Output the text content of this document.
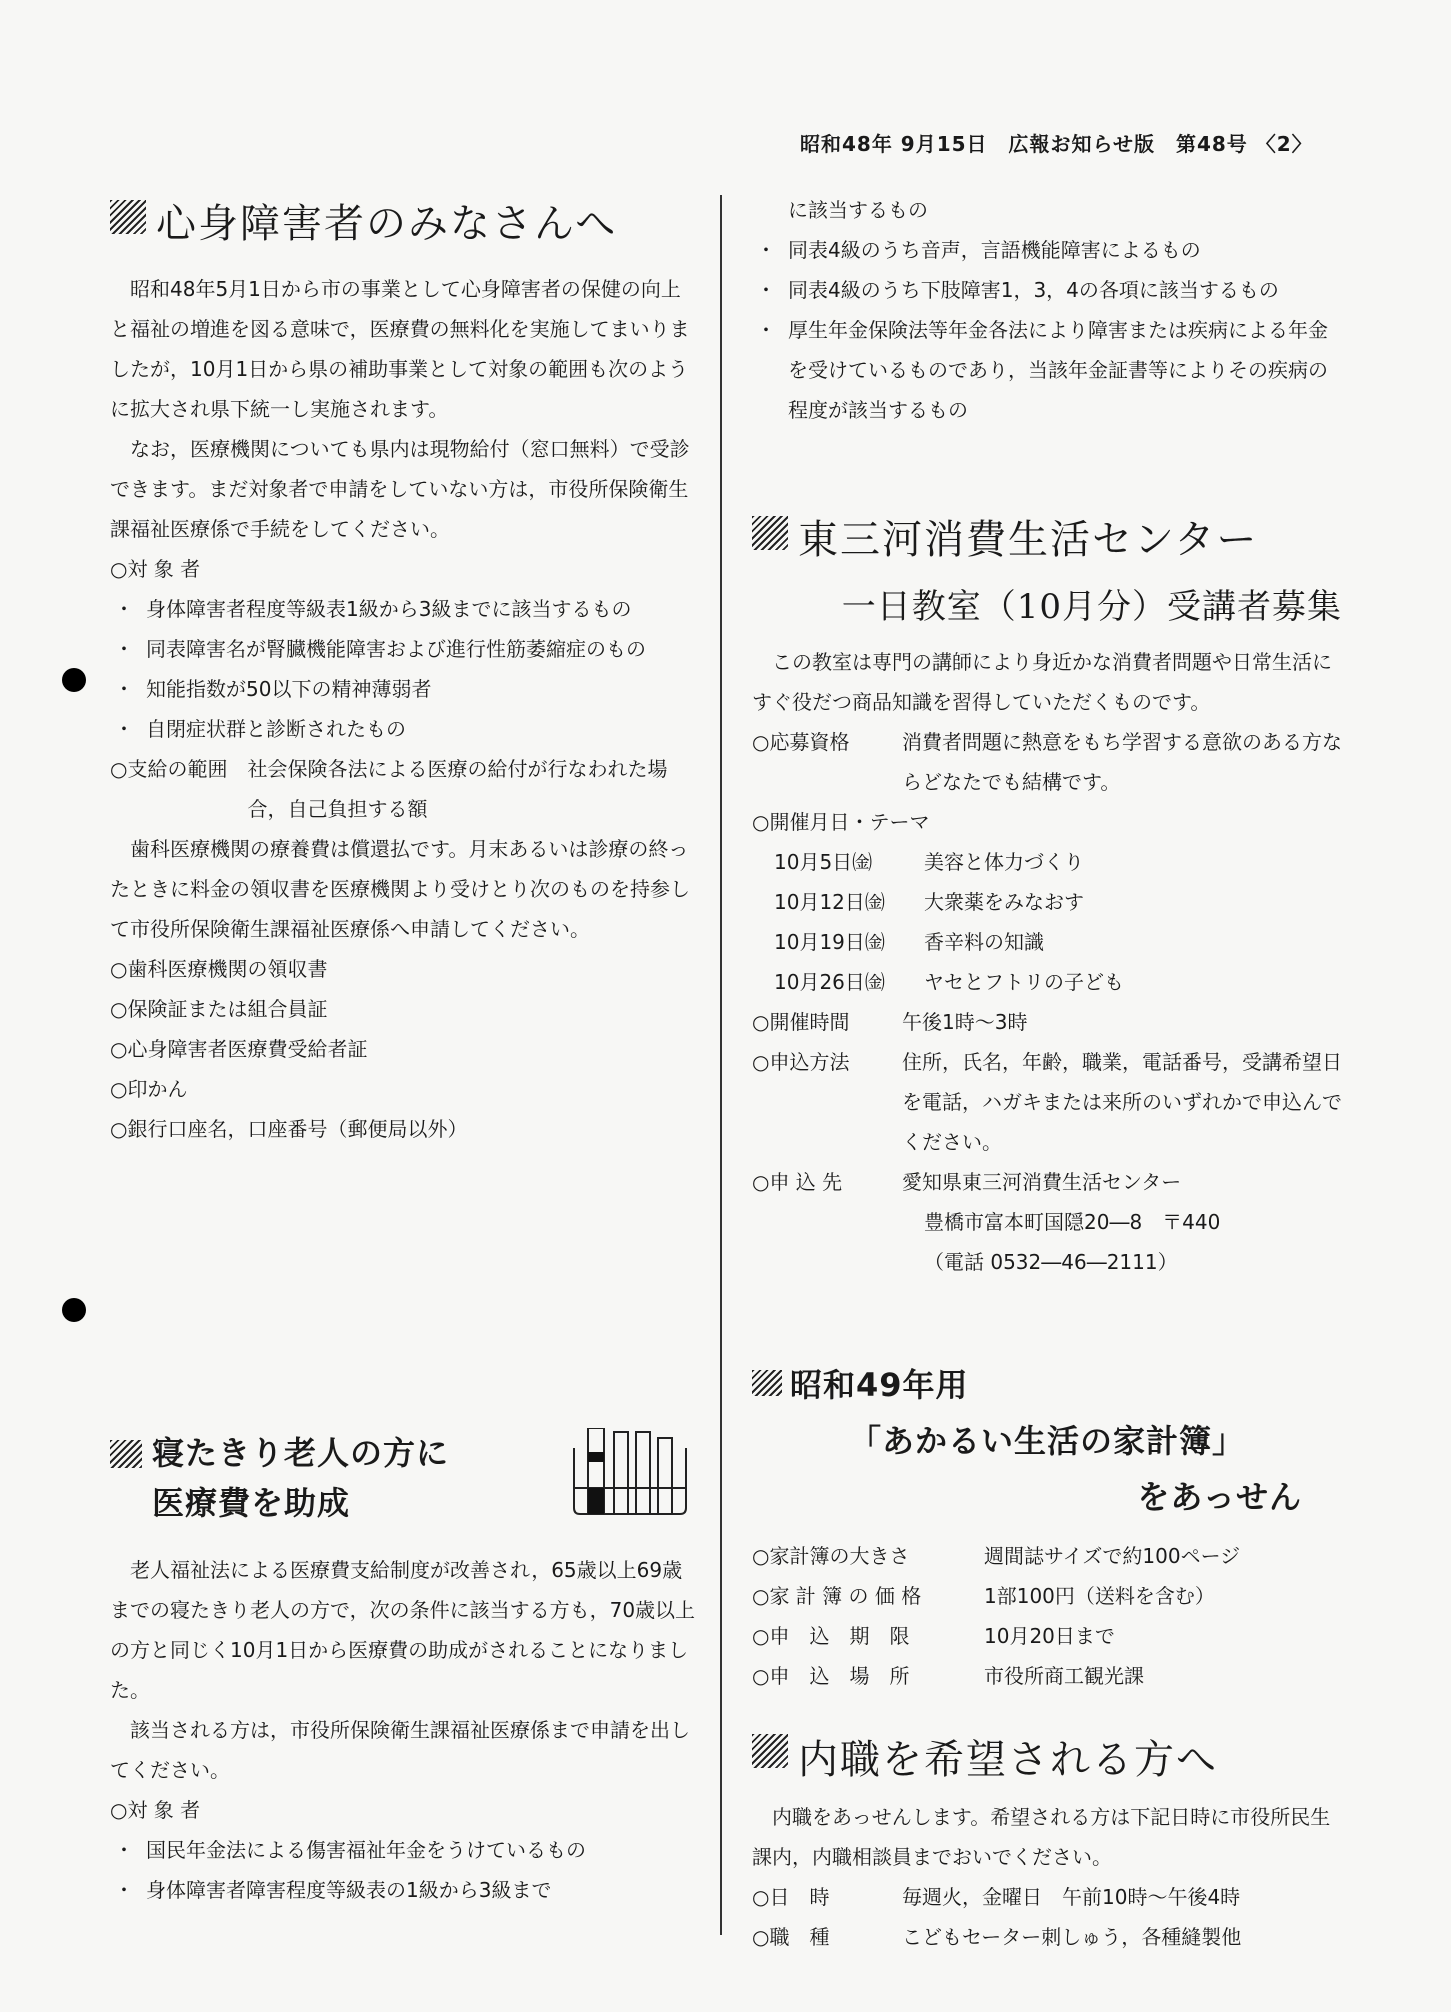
昭和48年 9月15日　広報お知らせ版　第48号 〈2〉
心身障害者のみなさんへ

昭和48年5月1日から市の事業として心身障害者の保健の向上と福祉の増進を図る意味で，医療費の無料化を実施してまいりましたが，10月1日から県の補助事業として対象の範囲も次のように拡大され県下統一し実施されます。

なお，医療機関についても県内は現物給付（窓口無料）で受診できます。まだ対象者で申請をしていない方は，市役所保険衛生課福祉医療係で手続をしてください。

○対 象 者

・ 身体障害者程度等級表1級から3級までに該当するもの

・ 同表障害名が腎臓機能障害および進行性筋萎縮症のもの

・ 知能指数が50以下の精神薄弱者

・ 自閉症状群と診断されたもの

○支給の範囲 社会保険各法による医療の給付が行なわれた場合，自己負担する額

歯科医療機関の療養費は償還払です。月末あるいは診療の終ったときに料金の領収書を医療機関より受けとり次のものを持参して市役所保険衛生課福祉医療係へ申請してください。

○歯科医療機関の領収書

○保険証または組合員証

○心身障害者医療費受給者証

○印かん

○銀行口座名，口座番号（郵便局以外）

寝たきり老人の方に
医療費を助成

老人福祉法による医療費支給制度が改善され，65歳以上69歳までの寝たきり老人の方で，次の条件に該当する方も，70歳以上の方と同じく10月1日から医療費の助成がされることになりました。

該当される方は，市役所保険衛生課福祉医療係まで申請を出してください。

○対 象 者

・ 国民年金法による傷害福祉年金をうけているもの

・ 身体障害者障害程度等級表の1級から3級まで

に該当するもの

・ 同表4級のうち音声，言語機能障害によるもの

・ 同表4級のうち下肢障害1，3，4の各項に該当するもの

・ 厚生年金保険法等年金各法により障害または疾病による年金を受けているものであり，当該年金証書等によりその疾病の程度が該当するもの

東三河消費生活センター
一日教室（10月分）受講者募集

この教室は専門の講師により身近かな消費者問題や日常生活にすぐ役だつ商品知識を習得していただくものです。

○応募資格	消費者問題に熱意をもち学習する意欲のある方ならどなたでも結構です。

○開催月日・テーマ

10月5日㈮	美容と体力づくり
10月12日㈮	大衆薬をみなおす
10月19日㈮	香辛料の知識
10月26日㈮	ヤセとフトリの子ども
○開催時間	午後1時～3時
○申込方法	住所，氏名，年齢，職業，電話番号，受講希望日を電話，ハガキまたは来所のいずれかで申込んでください。
○申 込 先	愛知県東三河消費生活センター
豊橋市富本町国隠20―8　〒440
（電話 0532―46―2111）
昭和49年用
「あかるい生活の家計簿」
をあっせん
○家計簿の大きさ	週間誌サイズで約100ページ
○家 計 簿 の 価 格	1部100円（送料を含む）
○申　込　期　限	10月20日まで
○申　込　場　所	市役所商工観光課
内職を希望される方へ

内職をあっせんします。希望される方は下記日時に市役所民生課内，内職相談員までおいでください。

○日　時	毎週火，金曜日　午前10時～午後4時
○職　種	こどもセーター刺しゅう，各種縫製他
